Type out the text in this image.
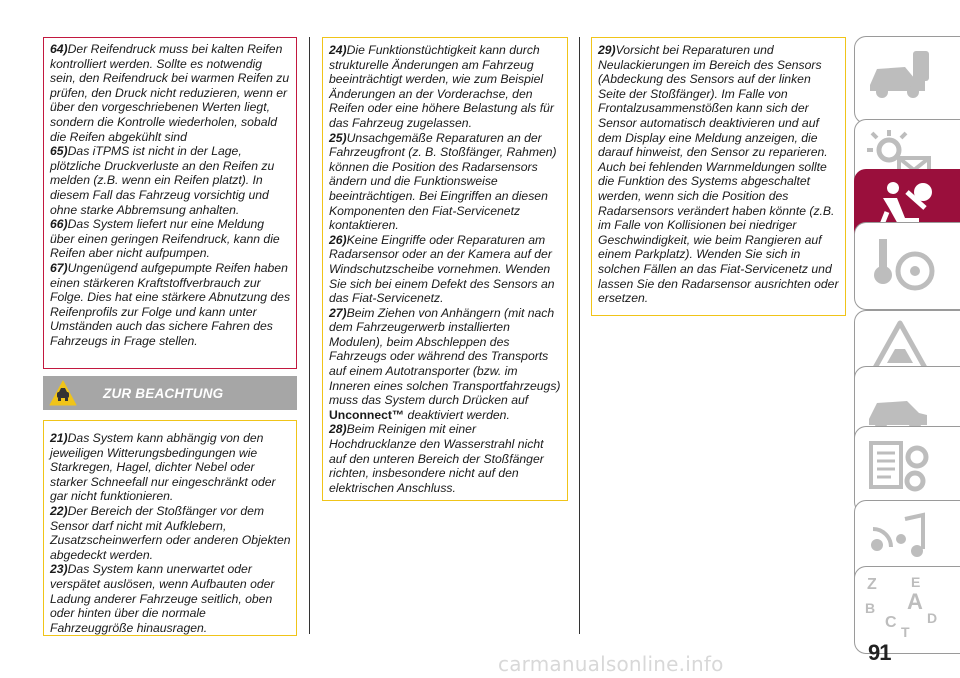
64)Der Reifendruck muss bei kalten Reifen kontrolliert werden. Sollte es notwendig sein, den Reifendruck bei warmen Reifen zu prüfen, den Druck nicht reduzieren, wenn er über den vorgeschriebenen Werten liegt, sondern die Kontrolle wiederholen, sobald die Reifen abgekühlt sind

65)Das iTPMS ist nicht in der Lage, plötzliche Druckverluste an den Reifen zu melden (z.B. wenn ein Reifen platzt). In diesem Fall das Fahrzeug vorsichtig und ohne starke Abbremsung anhalten.

66)Das System liefert nur eine Meldung über einen geringen Reifendruck, kann die Reifen aber nicht aufpumpen.

67)Ungenügend aufgepumpte Reifen haben einen stärkeren Kraftstoffverbrauch zur Folge. Dies hat eine stärkere Abnutzung des Reifenprofils zur Folge und kann unter Umständen auch das sichere Fahren des Fahrzeugs in Frage stellen.

ZUR BEACHTUNG

21)Das System kann abhängig von den jeweiligen Witterungsbedingungen wie Starkregen, Hagel, dichter Nebel oder starker Schneefall nur eingeschränkt oder gar nicht funktionieren.

22)Der Bereich der Stoßfänger vor dem Sensor darf nicht mit Aufklebern, Zusatzscheinwerfern oder anderen Objekten abgedeckt werden.

23)Das System kann unerwartet oder verspätet auslösen, wenn Aufbauten oder Ladung anderer Fahrzeuge seitlich, oben oder hinten über die normale Fahrzeuggröße hinausragen.

24)Die Funktionstüchtigkeit kann durch strukturelle Änderungen am Fahrzeug beeinträchtigt werden, wie zum Beispiel Änderungen an der Vorderachse, den Reifen oder eine höhere Belastung als für das Fahrzeug zugelassen.

25)Unsachgemäße Reparaturen an der Fahrzeugfront (z. B. Stoßfänger, Rahmen) können die Position des Radarsensors ändern und die Funktionsweise beeinträchtigen. Bei Eingriffen an diesen Komponenten den Fiat-Servicenetz kontaktieren.

26)Keine Eingriffe oder Reparaturen am Radarsensor oder an der Kamera auf der Windschutzscheibe vornehmen. Wenden Sie sich bei einem Defekt des Sensors an das Fiat-Servicenetz.

27)Beim Ziehen von Anhängern (mit nach dem Fahrzeugerwerb installierten Modulen), beim Abschleppen des Fahrzeugs oder während des Transports auf einem Autotransporter (bzw. im Inneren eines solchen Transportfahrzeugs) muss das System durch Drücken auf Unconnect™ deaktiviert werden.

28)Beim Reinigen mit einer Hochdrucklanze den Wasserstrahl nicht auf den unteren Bereich der Stoßfänger richten, insbesondere nicht auf den elektrischen Anschluss.

29)Vorsicht bei Reparaturen und Neulackierungen im Bereich des Sensors (Abdeckung des Sensors auf der linken Seite der Stoßfänger). Im Falle von Frontalzusammenstößen kann sich der Sensor automatisch deaktivieren und auf dem Display eine Meldung anzeigen, die darauf hinweist, den Sensor zu reparieren. Auch bei fehlenden Warnmeldungen sollte die Funktion des Systems abgeschaltet werden, wenn sich die Position des Radarsensors verändert haben könnte (z.B. im Falle von Kollisionen bei niedriger Geschwindigkeit, wie beim Rangieren auf einem Parkplatz). Wenden Sie sich in solchen Fällen an das Fiat-Servicenetz und lassen Sie den Radarsensor ausrichten oder ersetzen.

Z E
B A
C D
T
91
carmanualsonline.info
